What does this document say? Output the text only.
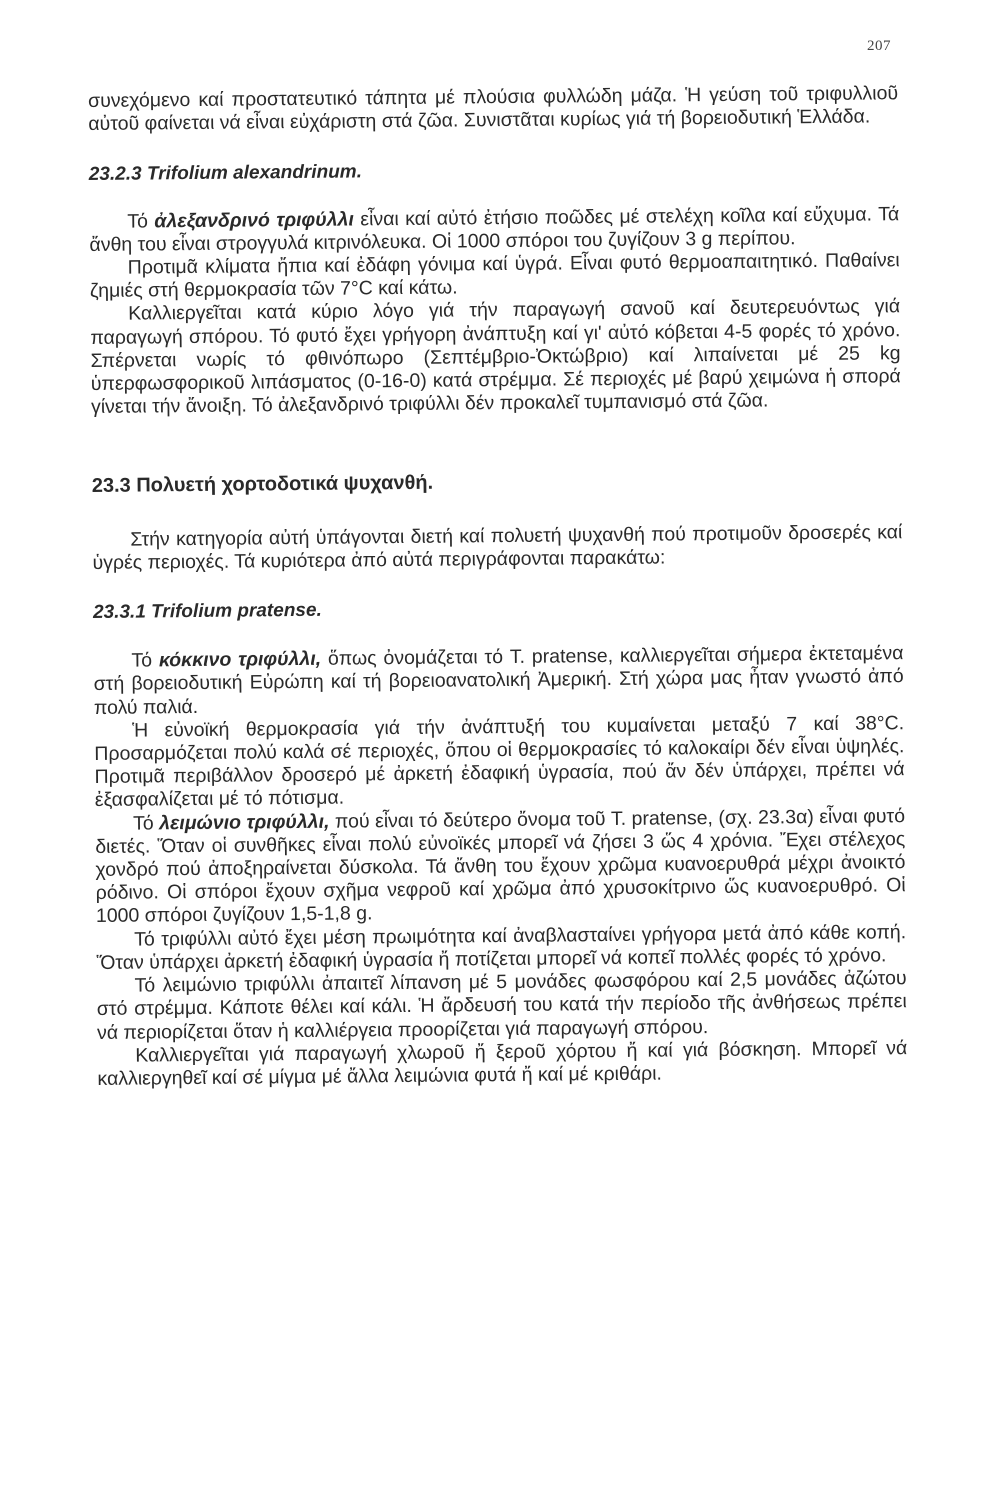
207

συνεχόμενο καί προστατευτικό τάπητα μέ πλούσια φυλλώδη μάζα. Ἡ γεύση τοῦ τριφυλλιοῦ αὐτοῦ φαίνεται νά εἶναι εὐχάριστη στά ζῶα. Συνιστᾶται κυρίως γιά τή βορειοδυτική Ἑλλάδα.

23.2.3 Trifolium alexandrinum.

Τό ἀλεξανδρινό τριφύλλι εἶναι καί αὐτό ἐτήσιο ποῶδες μέ στελέχη κοῖλα καί εὔχυμα. Τά ἄνθη του εἶναι στρογγυλά κιτρινόλευκα. Οἱ 1000 σπόροι του ζυγίζουν 3 g περίπου.

Προτιμᾶ κλίματα ἤπια καί ἐδάφη γόνιμα καί ὑγρά. Εἶναι φυτό θερμοαπαιτητικό. Παθαίνει ζημιές στή θερμοκρασία τῶν 7°C καί κάτω.

Καλλιεργεῖται κατά κύριο λόγο γιά τήν παραγωγή σανοῦ καί δευτερευόντως γιά παραγωγή σπόρου. Τό φυτό ἔχει γρήγορη ἀνάπτυξη καί γι' αὐτό κόβεται 4-5 φορές τό χρόνο. Σπέρνεται νωρίς τό φθινόπωρο (Σεπτέμβριο-Ὀκτώβριο) καί λιπαίνεται μέ 25 kg ὑπερφωσφορικοῦ λιπάσματος (0-16-0) κατά στρέμμα. Σέ περιοχές μέ βαρύ χειμώνα ἡ σπορά γίνεται τήν ἄνοιξη. Τό ἀλεξανδρινό τριφύλλι δέν προκαλεῖ τυμπανισμό στά ζῶα.

23.3 Πολυετή χορτοδοτικά ψυχανθή.

Στήν κατηγορία αὐτή ὑπάγονται διετή καί πολυετή ψυχανθή πού προτιμοῦν δροσερές καί ὑγρές περιοχές. Τά κυριότερα ἀπό αὐτά περιγράφονται παρακάτω:

23.3.1 Trifolium pratense.

Τό κόκκινο τριφύλλι, ὅπως ὀνομάζεται τό T. pratense, καλλιεργεῖται σήμερα ἐκτεταμένα στή βορειοδυτική Εὐρώπη καί τή βορειοανατολική Ἀμερική. Στή χώρα μας ἦταν γνωστό ἀπό πολύ παλιά.

Ἡ εὐνοϊκή θερμοκρασία γιά τήν ἀνάπτυξή του κυμαίνεται μεταξύ 7 καί 38°C. Προσαρμόζεται πολύ καλά σέ περιοχές, ὅπου οἱ θερμοκρασίες τό καλοκαίρι δέν εἶναι ὑψηλές. Προτιμᾶ περιβάλλον δροσερό μέ ἀρκετή ἐδαφική ὑγρασία, πού ἄν δέν ὑπάρχει, πρέπει νά ἐξασφαλίζεται μέ τό πότισμα.

Τό λειμώνιο τριφύλλι, πού εἶναι τό δεύτερο ὄνομα τοῦ T. pratense, (σχ. 23.3α) εἶναι φυτό διετές. Ὅταν οἱ συνθῆκες εἶναι πολύ εὐνοϊκές μπορεῖ νά ζήσει 3 ὥς 4 χρόνια. Ἔχει στέλεχος χονδρό πού ἀποξηραίνεται δύσκολα. Τά ἄνθη του ἔχουν χρῶμα κυανοερυθρά μέχρι ἀνοικτό ρόδινο. Οἱ σπόροι ἔχουν σχῆμα νεφροῦ καί χρῶμα ἀπό χρυσοκίτρινο ὥς κυανοερυθρό. Οἱ 1000 σπόροι ζυγίζουν 1,5-1,8 g.

Τό τριφύλλι αὐτό ἔχει μέση πρωιμότητα καί ἀναβλασταίνει γρήγορα μετά ἀπό κάθε κοπή. Ὅταν ὑπάρχει ἀρκετή ἐδαφική ὑγρασία ἤ ποτίζεται μπορεῖ νά κοπεῖ πολλές φορές τό χρόνο.

Τό λειμώνιο τριφύλλι ἀπαιτεῖ λίπανση μέ 5 μονάδες φωσφόρου καί 2,5 μονάδες ἀζώτου στό στρέμμα. Κάποτε θέλει καί κάλι. Ἡ ἄρδευσή του κατά τήν περίοδο τῆς ἀνθήσεως πρέπει νά περιορίζεται ὅταν ἡ καλλιέργεια προορίζεται γιά παραγωγή σπόρου.

Καλλιεργεῖται γιά παραγωγή χλωροῦ ἤ ξεροῦ χόρτου ἤ καί γιά βόσκηση. Μπορεῖ νά καλλιεργηθεῖ καί σέ μίγμα μέ ἄλλα λειμώνια φυτά ἤ καί μέ κριθάρι.
